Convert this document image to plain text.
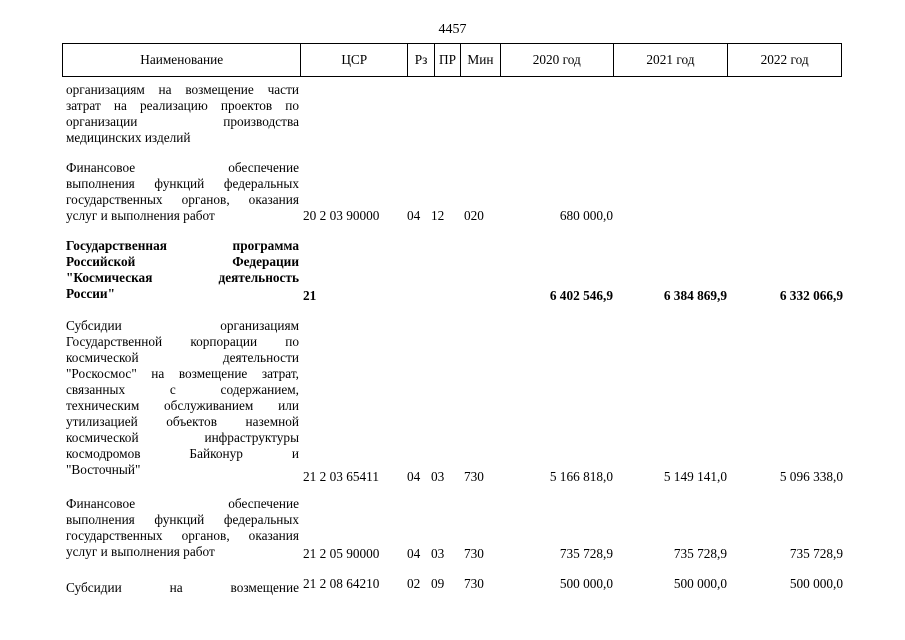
4457
Наименование	ЦСР	Рз ПР Мин	2020 год	2021 год	2022 год
организациям на возмещение части
затрат на реализацию проектов по
организации производства
медицинских изделий
Финансовое обеспечение
выполнения функций федеральных
государственных органов, оказания
услуг и выполнения работ	20 2 03 90000 04 12 020	680 000,0
Государственная программа
Российской Федерации
"Космическая деятельность
России"	21	6 402 546,9	6 384 869,9	6 332 066,9
Субсидии организациям
Государственной корпорации по
космической деятельности
"Роскосмос" на возмещение затрат,
связанных с содержанием,
техническим обслуживанием или
утилизацией объектов наземной
космической инфраструктуры
космодромов Байконур и
"Восточный"	21 2 03 65411 04 03 730	5 166 818,0	5 149 141,0	5 096 338,0
Финансовое обеспечение
выполнения функций федеральных
государственных органов, оказания
услуг и выполнения работ	21 2 05 90000 04 03 730	735 728,9	735 728,9	735 728,9
Субсидии на возмещение 21 2 08 64210 02 09 730	500 000,0	500 000,0	500 000,0
